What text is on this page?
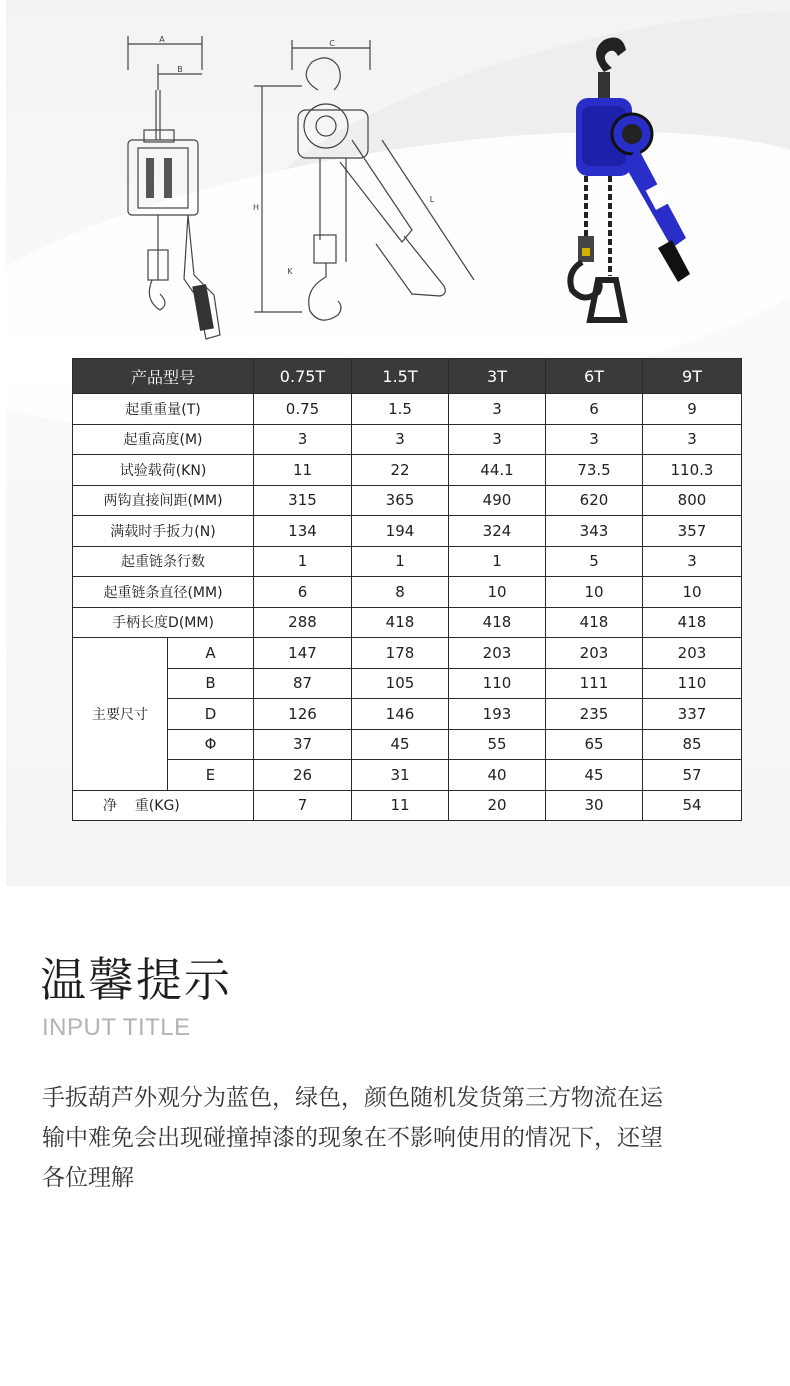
A
B
C
H
K
L
产品型号		0.75T	1.5T	3T	6T	9T
起重重量(T)		0.75	1.5	3	6	9
起重高度(M)		3	3	3	3	3
试验载荷(KN)		11	22	44.1	73.5	110.3
两钩直接间距(MM)		315	365	490	620	800
满载时手扳力(N)		134	194	324	343	357
起重链条行数		1	1	1	5	3
起重链条直径(MM)		6	8	10	10	10
手柄长度D(MM)		288	418	418	418	418
主要尺寸	A	147	178	203	203	203
	B	87	105	110	111	110
	D	126	146	193	235	337
	Φ	37	45	55	65	85
	E	26	31	40	45	57
净    重(KG)		7	11	20	30	54
温馨提示
INPUT TITLE
手扳葫芦外观分为蓝色，绿色，颜色随机发货第三方物流在运
输中难免会出现碰撞掉漆的现象在不影响使用的情况下，还望
各位理解
